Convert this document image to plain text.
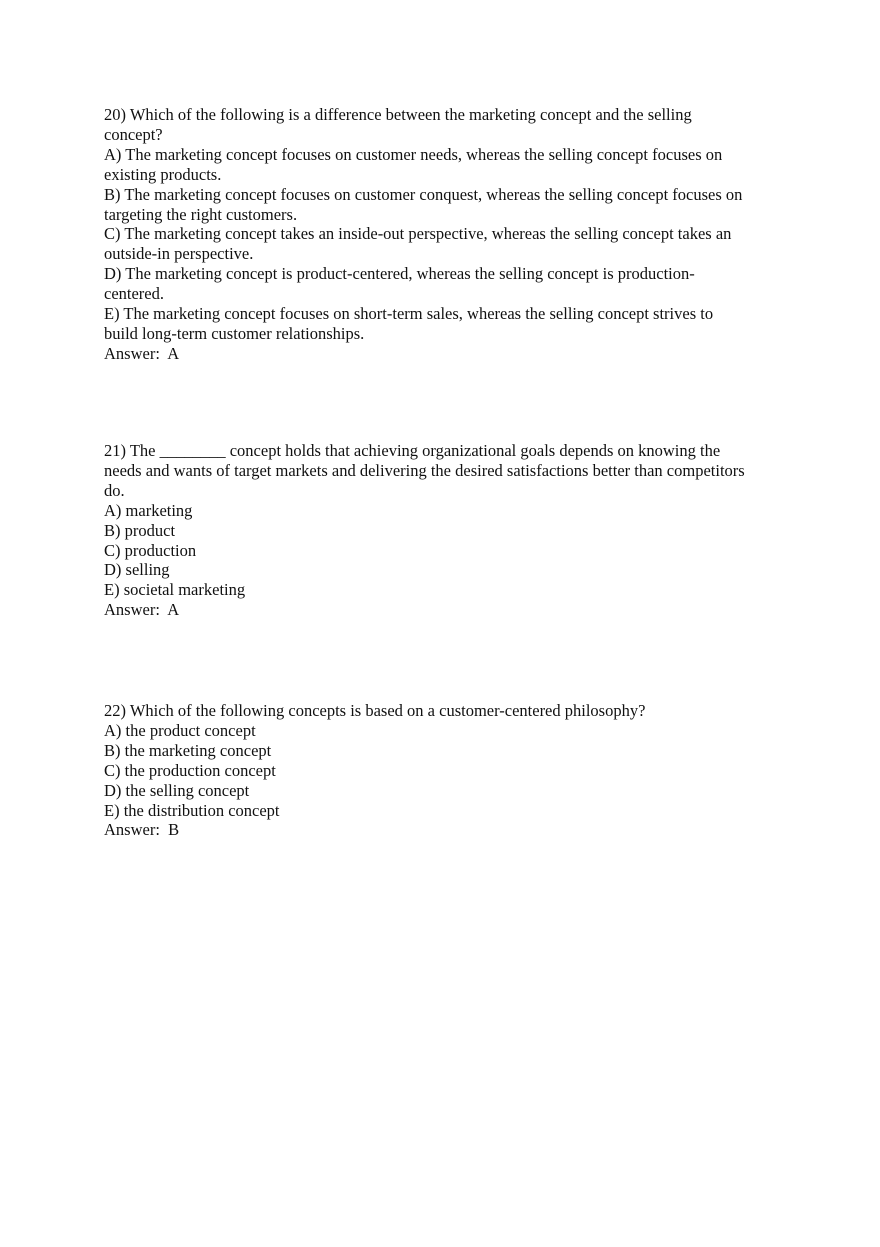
20) Which of the following is a difference between the marketing concept and the selling
concept?
A) The marketing concept focuses on customer needs, whereas the selling concept focuses on
existing products.
B) The marketing concept focuses on customer conquest, whereas the selling concept focuses on
targeting the right customers.
C) The marketing concept takes an inside-out perspective, whereas the selling concept takes an
outside-in perspective.
D) The marketing concept is product-centered, whereas the selling concept is production-
centered.
E) The marketing concept focuses on short-term sales, whereas the selling concept strives to
build long-term customer relationships.
Answer: A
21) The ________ concept holds that achieving organizational goals depends on knowing the
needs and wants of target markets and delivering the desired satisfactions better than competitors
do.
A) marketing
B) product
C) production
D) selling
E) societal marketing
Answer: A
22) Which of the following concepts is based on a customer-centered philosophy?
A) the product concept
B) the marketing concept
C) the production concept
D) the selling concept
E) the distribution concept
Answer: B
